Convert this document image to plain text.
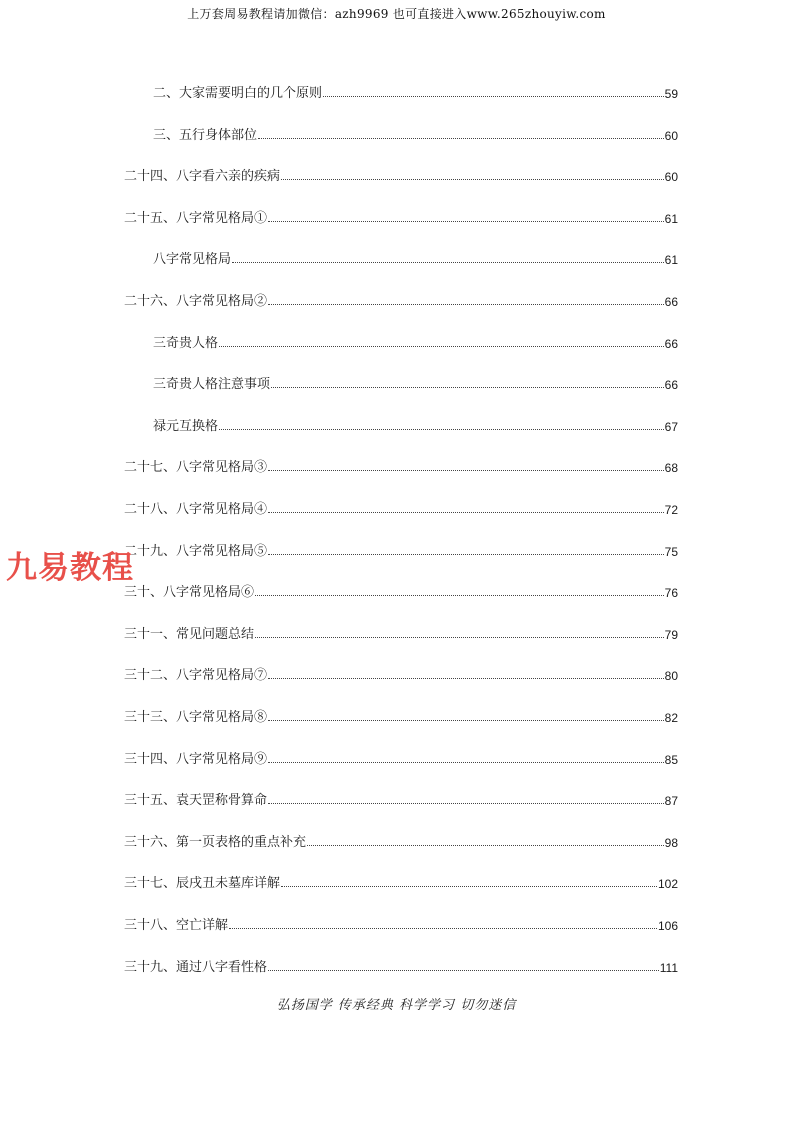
上万套周易教程请加微信：azh9969 也可直接进入www.265zhouyiw.com
二、大家需要明白的几个原则	59
三、五行身体部位	60
二十四、八字看六亲的疾病	60
二十五、八字常见格局①	61
八字常见格局	61
二十六、八字常见格局②	66
三奇贵人格	66
三奇贵人格注意事项	66
禄元互换格	67
二十七、八字常见格局③	68
二十八、八字常见格局④	72
二十九、八字常见格局⑤	75
三十、八字常见格局⑥	76
三十一、常见问题总结	79
三十二、八字常见格局⑦	80
三十三、八字常见格局⑧	82
三十四、八字常见格局⑨	85
三十五、袁天罡称骨算命	87
三十六、第一页表格的重点补充	98
三十七、辰戌丑未墓库详解	102
三十八、空亡详解	106
三十九、通过八字看性格	111
九易教程
弘扬国学 传承经典 科学学习 切勿迷信
